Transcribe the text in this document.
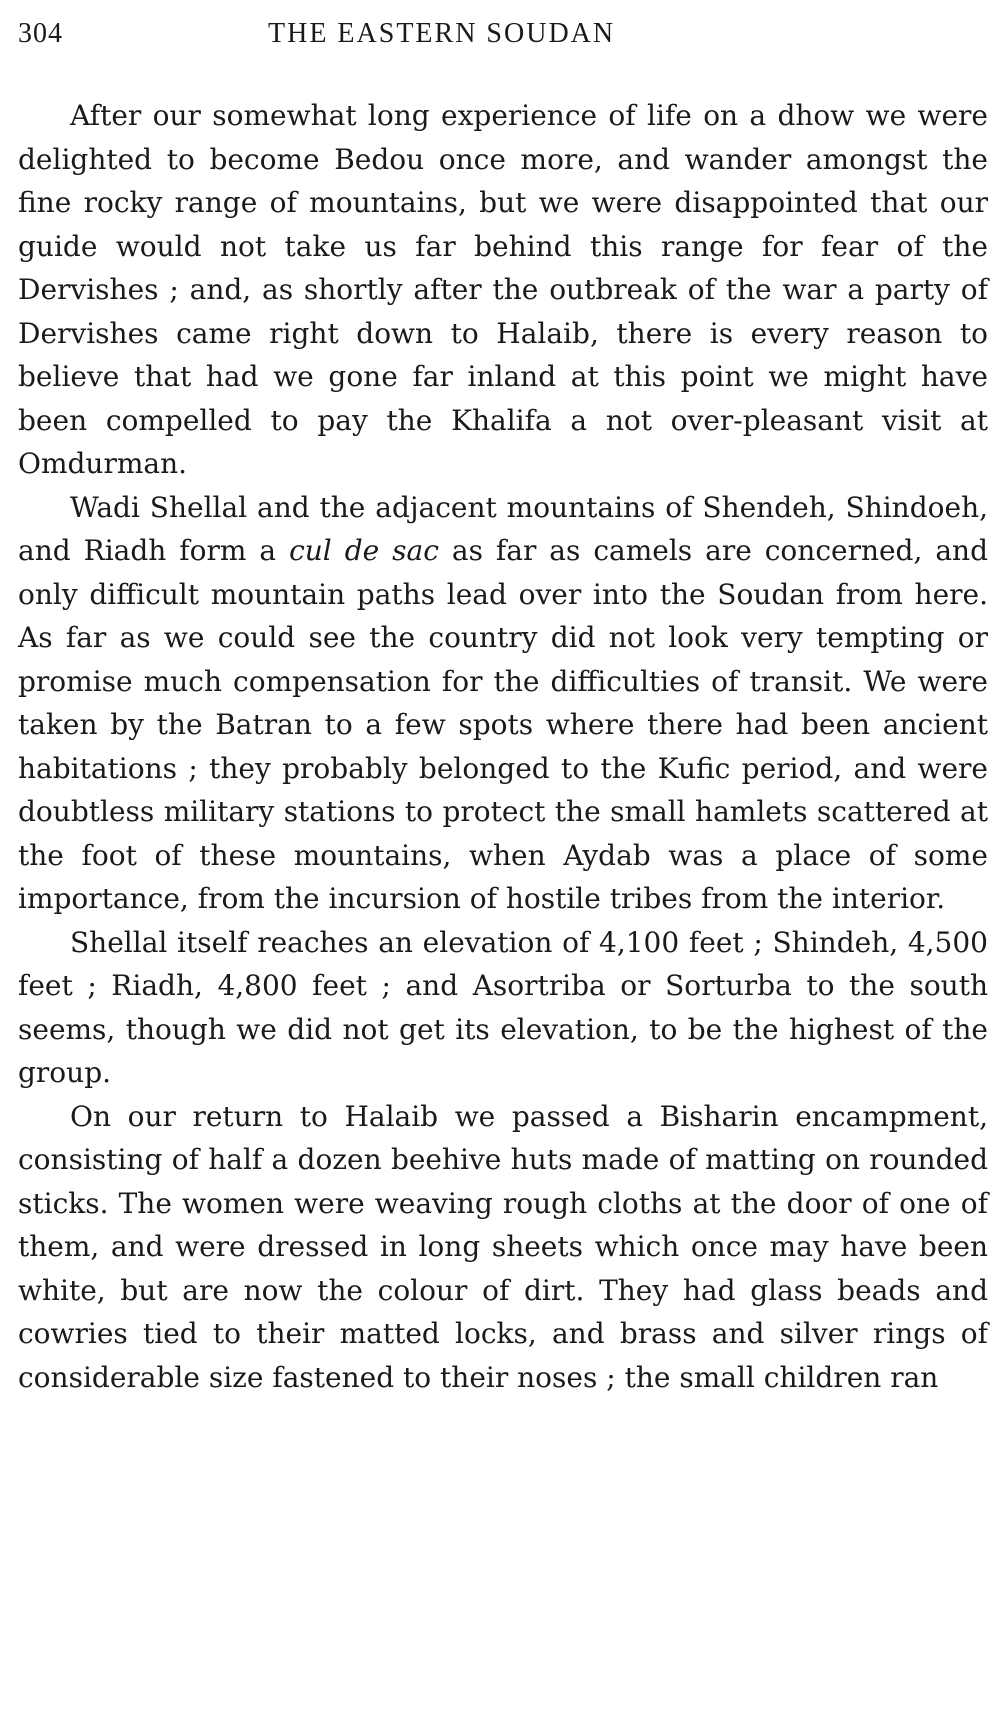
304	THE EASTERN SOUDAN

After our somewhat long experience of life on a dhow we were delighted to become Bedou once more, and wander amongst the fine rocky range of mountains, but we were disappointed that our guide would not take us far behind this range for fear of the Dervishes ; and, as shortly after the outbreak of the war a party of Dervishes came right down to Halaib, there is every reason to believe that had we gone far inland at this point we might have been compelled to pay the Khalifa a not over-pleasant visit at Omdurman.

Wadi Shellal and the adjacent mountains of Shendeh, Shindoeh, and Riadh form a cul de sac as far as camels are concerned, and only difficult mountain paths lead over into the Soudan from here. As far as we could see the country did not look very tempting or promise much compensation for the difficulties of transit. We were taken by the Batran to a few spots where there had been ancient habitations ; they probably belonged to the Kufic period, and were doubtless military stations to protect the small hamlets scattered at the foot of these mountains, when Aydab was a place of some importance, from the incursion of hostile tribes from the interior.

Shellal itself reaches an elevation of 4,100 feet ; Shindeh, 4,500 feet ; Riadh, 4,800 feet ; and Asortriba or Sorturba to the south seems, though we did not get its elevation, to be the highest of the group.

On our return to Halaib we passed a Bisharin encampment, consisting of half a dozen beehive huts made of matting on rounded sticks. The women were weaving rough cloths at the door of one of them, and were dressed in long sheets which once may have been white, but are now the colour of dirt. They had glass beads and cowries tied to their matted locks, and brass and silver rings of considerable size fastened to their noses ; the small children ran
